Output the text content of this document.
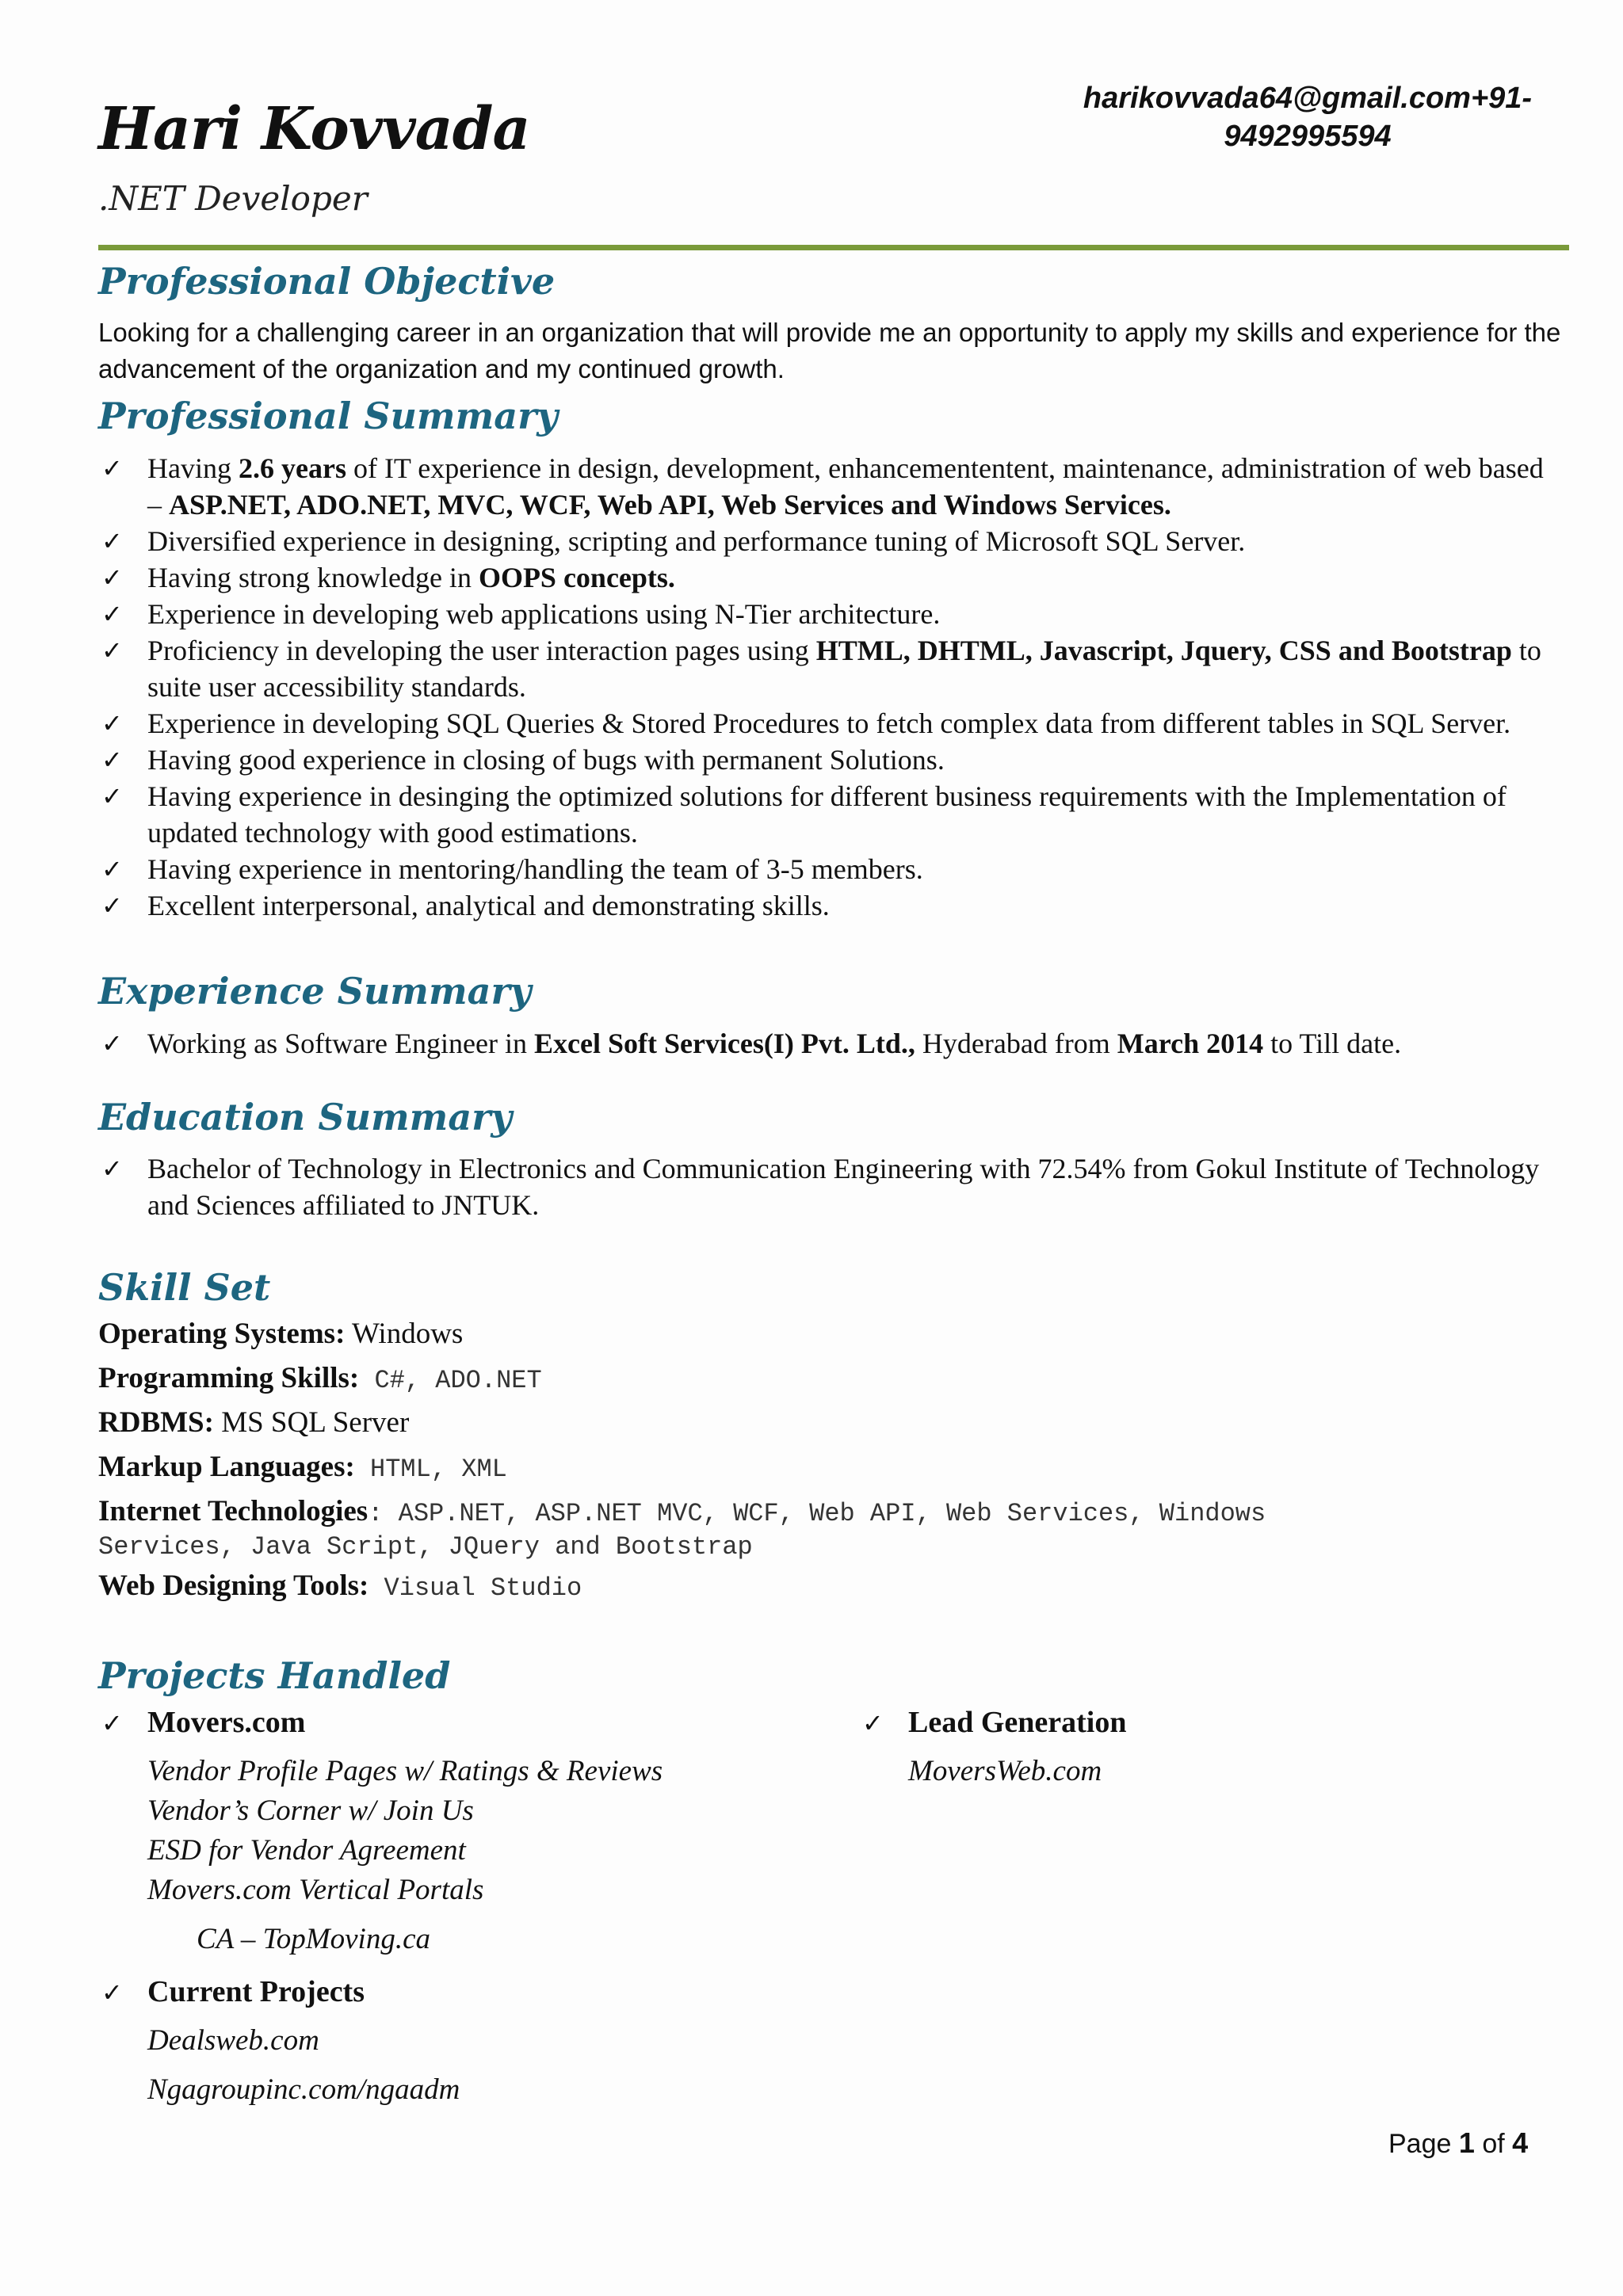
Hari Kovvada
.NET Developer
harikovvada64@gmail.com+91-
9492995594
Professional Objective
Looking for a challenging career in an organization that will provide me an opportunity to apply my skills and experience for the advancement of the organization and my continued growth.
Professional Summary
✓ Having 2.6 years of IT experience in design, development, enhancemententent, maintenance, administration of web based – ASP.NET, ADO.NET, MVC, WCF, Web API, Web Services and Windows Services.
✓ Diversified experience in designing, scripting and performance tuning of Microsoft SQL Server.
✓ Having strong knowledge in OOPS concepts.
✓ Experience in developing web applications using N-Tier architecture.
✓ Proficiency in developing the user interaction pages using HTML, DHTML, Javascript, Jquery, CSS and Bootstrap to suite user accessibility standards.
✓ Experience in developing SQL Queries & Stored Procedures to fetch complex data from different tables in SQL Server.
✓ Having good experience in closing of bugs with permanent Solutions.
✓ Having experience in desinging the optimized solutions for different business requirements with the Implementation of updated technology with good estimations.
✓ Having experience in mentoring/handling the team of 3-5 members.
✓ Excellent interpersonal, analytical and demonstrating skills.
Experience Summary
✓ Working as Software Engineer in Excel Soft Services(I) Pvt. Ltd., Hyderabad from March 2014 to Till date.
Education Summary
✓ Bachelor of Technology in Electronics and Communication Engineering with 72.54% from Gokul Institute of Technology and Sciences affiliated to JNTUK.
Skill Set
Operating Systems: Windows
Programming Skills: C#, ADO.NET
RDBMS: MS SQL Server
Markup Languages: HTML, XML
Internet Technologies: ASP.NET, ASP.NET MVC, WCF, Web API, Web Services, Windows
Services, Java Script, JQuery and Bootstrap
Web Designing Tools: Visual Studio
Projects Handled
✓ Movers.com
Vendor Profile Pages w/ Ratings & Reviews
Vendor’s Corner w/ Join Us
ESD for Vendor Agreement
Movers.com Vertical Portals
CA – TopMoving.ca
✓ Lead Generation
MoversWeb.com
✓ Current Projects
Dealsweb.com
Ngagroupinc.com/ngaadm
Page 1 of 4
